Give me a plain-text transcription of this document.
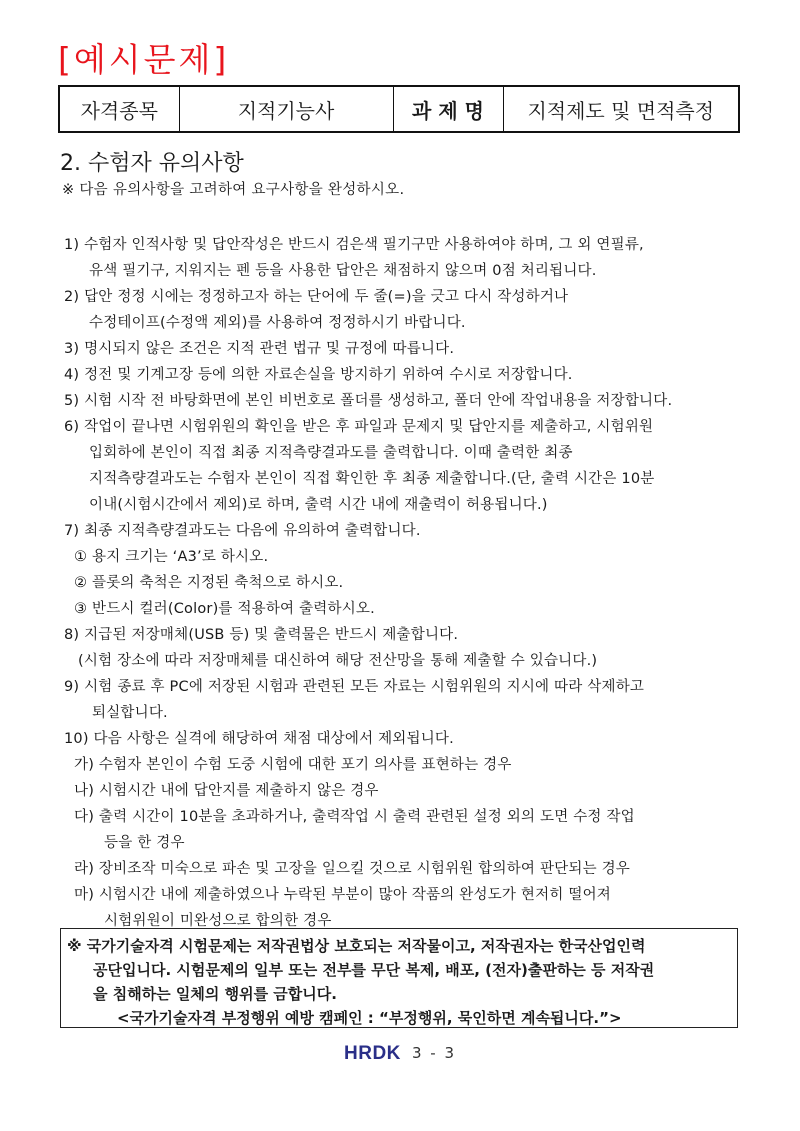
[예시문제]
자격종목	지적기능사	과 제 명	지적제도 및 면적측정
2. 수험자 유의사항
※ 다음 유의사항을 고려하여 요구사항을 완성하시오.
1) 수험자 인적사항 및 답안작성은 반드시 검은색 필기구만 사용하여야 하며, 그 외 연필류,
유색 필기구, 지워지는 펜 등을 사용한 답안은 채점하지 않으며 0점 처리됩니다.
2) 답안 정정 시에는 정정하고자 하는 단어에 두 줄(=)을 긋고 다시 작성하거나
수정테이프(수정액 제외)를 사용하여 정정하시기 바랍니다.
3) 명시되지 않은 조건은 지적 관련 법규 및 규정에 따릅니다.
4) 정전 및 기계고장 등에 의한 자료손실을 방지하기 위하여 수시로 저장합니다.
5) 시험 시작 전 바탕화면에 본인 비번호로 폴더를 생성하고, 폴더 안에 작업내용을 저장합니다.
6) 작업이 끝나면 시험위원의 확인을 받은 후 파일과 문제지 및 답안지를 제출하고, 시험위원
입회하에 본인이 직접 최종 지적측량결과도를 출력합니다. 이때 출력한 최종
지적측량결과도는 수험자 본인이 직접 확인한 후 최종 제출합니다.(단, 출력 시간은 10분
이내(시험시간에서 제외)로 하며, 출력 시간 내에 재출력이 허용됩니다.)
7) 최종 지적측량결과도는 다음에 유의하여 출력합니다.
① 용지 크기는 ‘A3’로 하시오.
② 플롯의 축척은 지정된 축척으로 하시오.
③ 반드시 컬러(Color)를 적용하여 출력하시오.
8) 지급된 저장매체(USB 등) 및 출력물은 반드시 제출합니다.
(시험 장소에 따라 저장매체를 대신하여 해당 전산망을 통해 제출할 수 있습니다.)
9) 시험 종료 후 PC에 저장된 시험과 관련된 모든 자료는 시험위원의 지시에 따라 삭제하고
퇴실합니다.
10) 다음 사항은 실격에 해당하여 채점 대상에서 제외됩니다.
가) 수험자 본인이 수험 도중 시험에 대한 포기 의사를 표현하는 경우
나) 시험시간 내에 답안지를 제출하지 않은 경우
다) 출력 시간이 10분을 초과하거나, 출력작업 시 출력 관련된 설정 외의 도면 수정 작업
등을 한 경우
라) 장비조작 미숙으로 파손 및 고장을 일으킬 것으로 시험위원 합의하여 판단되는 경우
마) 시험시간 내에 제출하였으나 누락된 부분이 많아 작품의 완성도가 현저히 떨어져
시험위원이 미완성으로 합의한 경우
※ 국가기술자격 시험문제는 저작권법상 보호되는 저작물이고, 저작권자는 한국산업인력
공단입니다. 시험문제의 일부 또는 전부를 무단 복제, 배포, (전자)출판하는 등 저작권
을 침해하는 일체의 행위를 금합니다.
<국가기술자격 부정행위 예방 캠페인 : “부정행위, 묵인하면 계속됩니다.”>
HRDK 3 - 3
